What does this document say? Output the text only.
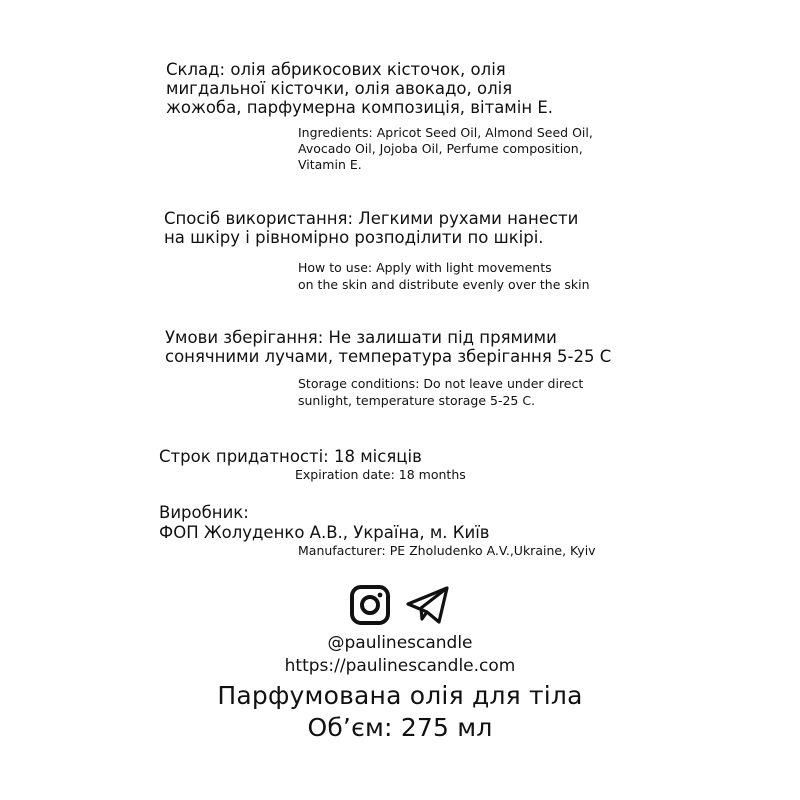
Склад: олія абрикосових кісточок, олія
мигдальної кісточки, олія авокадо, олія
жожоба, парфумерна композиція, вітамін Е.
Ingredients: Apricot Seed Oil, Almond Seed Oil,
Avocado Oil, Jojoba Oil, Perfume composition,
Vitamin E.
Спосіб використання: Легкими рухами нанести
на шкіру і рівномірно розподілити по шкірі.
How to use: Apply with light movements
on the skin and distribute evenly over the skin
Умови зберігання: Не залишати під прямими
сонячними лучами, температура зберігання 5-25 С
Storage conditions: Do not leave under direct
sunlight, temperature storage 5-25 C.
Строк придатності: 18 місяців
Expiration date: 18 months
Виробник:
ФОП Жолуденко А.В., Україна, м. Київ
Manufacturer: PE Zholudenko A.V.,Ukraine, Kyiv
@paulinescandle
https://paulinescandle.com
Парфумована олія для тіла
Об’єм: 275 мл
